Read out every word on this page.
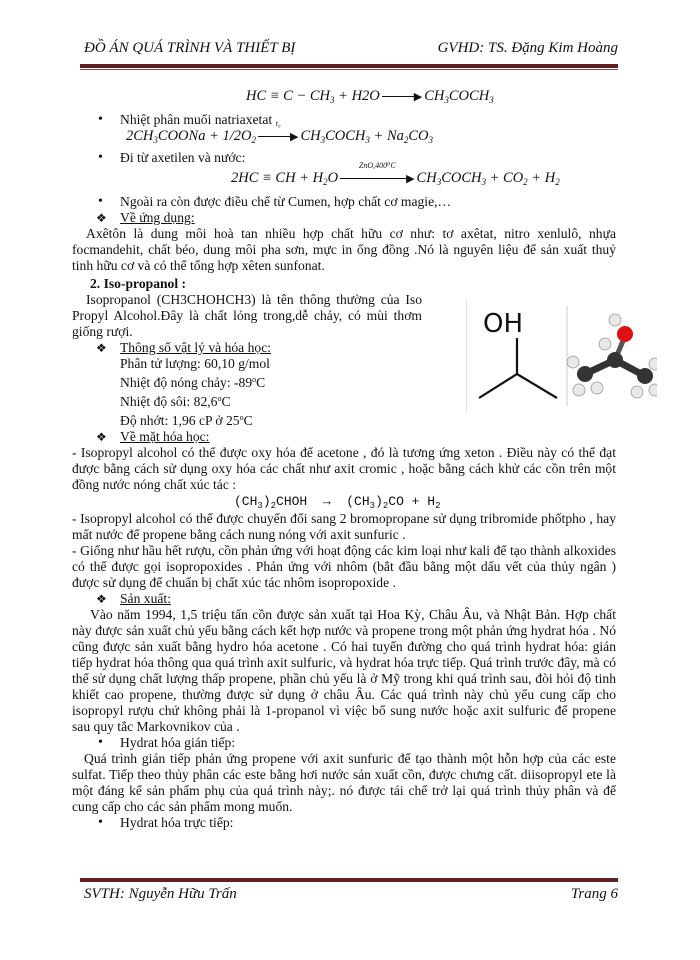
ĐỒ ÁN QUÁ TRÌNH VÀ THIẾT BỊ	GVHD: TS. Đặng Kim Hoàng
HC ≡ $C - CH_3 + H2O$	▶ $CH_3COCH_3$
• Nhiệt phân muối natriaxetat
$2CH_3COONa + 1/2O_2$
t₀
▶ $CH_3COCH_3 + Na_2CO_3$
• Đi từ axetilen và nước:
2HC ≡ CH + $H_2O$
ZnO,400⁰C
▶ $CH_3COCH_3 + CO_2 + H_2$
• Ngoài ra còn được điều chế từ Cumen, hợp chất cơ magie,…
❖ Về ứng dụng:
Axêtôn là dung môi hoà tan nhiều hợp chất hữu cơ như: tơ axêtat, nitro xenlulô, nhựa focmandehit, chất béo, dung môi pha sơn, mực in ống đồng .Nó là nguyên liệu để sản xuất thuỷ tinh hữu cơ và có thể tổng hợp xêten sunfonat.
2. Iso-propanol :
Isopropanol (CH3CHOHCH3) là tên thông thường của Iso Propyl Alcohol.Đây là chất lỏng trong,dễ cháy, có mùi thơm giống rượi.
❖ Thông số vật lý và hóa học:
Phân tử lượng: 60,10 g/mol
Nhiệt độ nóng chảy: -89$^o$C
Nhiệt độ sôi: 82,6$^o$C
Độ nhớt: 1,96 cP ở 25$^o$C
❖ Về mặt hóa học:
- Isopropyl alcohol có thể được oxy hóa để acetone , đó là tương ứng xeton . Điều này có thể đạt được bằng cách sử dụng oxy hóa các chất như axit cromic , hoặc bằng cách khử các cồn trên một đồng nước nóng chất xúc tác :
$(CH_3)_2CHOH \to (CH_3)_2CO + H_2$
- Isopropyl alcohol có thể được chuyển đổi sang 2 bromopropane sử dụng tribromide phốtpho , hay mất nước để propene bằng cách nung nóng với axit sunfuric .
- Giống như hầu hết rượu, cồn phản ứng với hoạt động các kim loại như kali để tạo thành alkoxides có thể được gọi isopropoxides . Phản ứng với nhôm (bắt đầu bằng một dấu vết của thủy ngân ) được sử dụng để chuẩn bị chất xúc tác nhôm isopropoxide .
❖ Sản xuất:
Vào năm 1994, 1,5 triệu tấn cồn được sản xuất tại Hoa Kỳ, Châu Âu, và Nhật Bản. Hợp chất này được sản xuất chủ yếu bằng cách kết hợp nước và propene trong một phản ứng hydrat hóa . Nó cũng được sản xuất bằng hydro hóa acetone . Có hai tuyến đường cho quá trình hydrat hóa: gián tiếp hydrat hóa thông qua quá trình axit sulfuric, và hydrat hóa trực tiếp. Quá trình trước đây, mà có thể sử dụng chất lượng thấp propene, phần chủ yếu là ở Mỹ trong khi quá trình sau, đòi hỏi độ tinh khiết cao propene, thường được sử dụng ở châu Âu. Các quá trình này chủ yếu cung cấp cho isopropyl rượu chứ không phải là 1-propanol vì việc bổ sung nước hoặc axit sulfuric để propene sau quy tắc Markovnikov của .
• Hydrat hóa gián tiếp:
Quá trình gián tiếp phản ứng propene với axit sunfuric để tạo thành một hỗn hợp của các este sulfat. Tiếp theo thủy phân các este bằng hơi nước sản xuất cồn, được chưng cất. diisopropyl ete là một đáng kể sản phẩm phụ của quá trình này;. nó được tái chế trở lại quá trình thủy phân và để cung cấp cho các sản phẩm mong muốn.
• Hydrat hóa trực tiếp:
OH
SVTH: Nguyễn Hữu Trấn	Trang 6
